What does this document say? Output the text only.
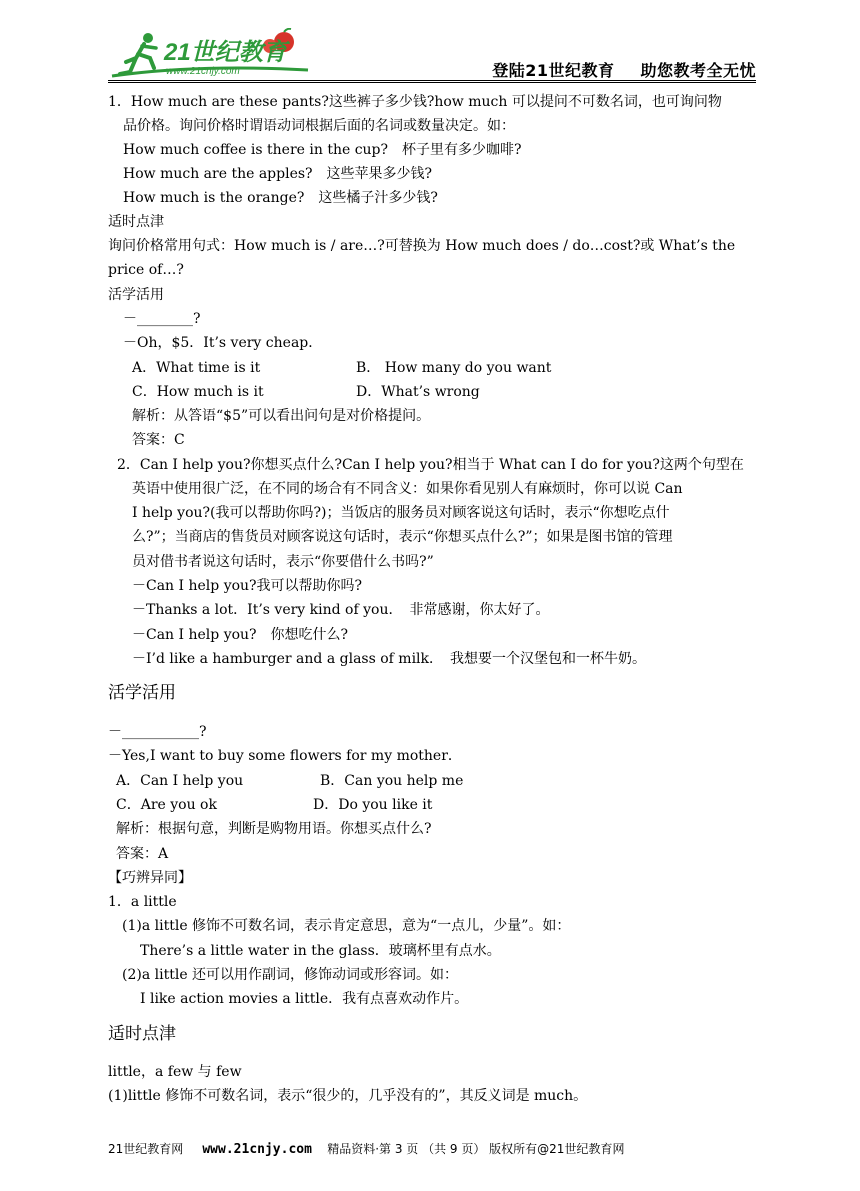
21世纪教育
www.21cnjy.com	登陆21世纪教育 助您教考全无忧
1．How much are these pants?这些裤子多少钱?how much 可以提问不可数名词，也可询问物
品价格。询问价格时谓语动词根据后面的名词或数量决定。如：
How much coffee is there in the cup?　杯子里有多少咖啡?
How much are the apples?　这些苹果多少钱?
How much is the orange?　这些橘子汁多少钱?
适时点津
询问价格常用句式：How much is / are…?可替换为 How much does / do…cost?或 What’s the
price of…?
活学活用
－________?
－Oh，$5．It’s very cheap．
A．What time is it	B． How many do you want
C．How much is it	D．What’s wrong
解析：从答语“$5”可以看出问句是对价格提问。
答案：C
2．Can I help you?你想买点什么?Can I help you?相当于 What can I do for you?这两个句型在
英语中使用很广泛，在不同的场合有不同含义：如果你看见别人有麻烦时，你可以说 Can
I help you?(我可以帮助你吗?)；当饭店的服务员对顾客说这句话时，表示“你想吃点什
么?”；当商店的售货员对顾客说这句话时，表示“你想买点什么?”；如果是图书馆的管理
员对借书者说这句话时，表示“你要借什么书吗?”
－Can I help you?我可以帮助你吗?
－Thanks a lot．It’s very kind of you．　非常感谢，你太好了。
－Can I help you?　你想吃什么?
－I’d like a hamburger and a glass of milk．　我想要一个汉堡包和一杯牛奶。
活学活用
－___________?
－Yes,I want to buy some flowers for my mother．
A．Can I help you	B．Can you help me
C．Are you ok	D．Do you like it
解析：根据句意，判断是购物用语。你想买点什么?
答案：A
【巧辨异同】
1．a little
(1)a little 修饰不可数名词，表示肯定意思，意为“一点儿，少量”。如：
There’s a little water in the glass．玻璃杯里有点水。
(2)a little 还可以用作副词，修饰动词或形容词。如：
I like action movies a little．我有点喜欢动作片。
适时点津
little，a few 与 few
(1)little 修饰不可数名词，表示“很少的，几乎没有的”，其反义词是 much。
21世纪教育网 www.21cnjy.com 精品资料·第 3 页 （共 9 页） 版权所有@21世纪教育网
